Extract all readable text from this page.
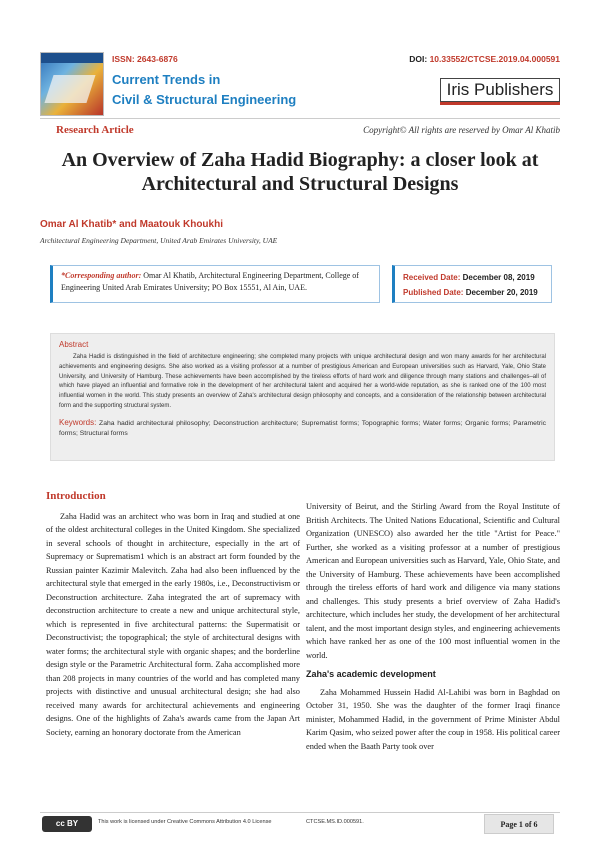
ISSN: 2643-6876
Current Trends in
Civil & Structural Engineering
DOI: 10.33552/CTCSE.2019.04.000591
Iris Publishers
Research Article	Copyright© All rights are reserved by Omar Al Khatib
An Overview of Zaha Hadid Biography: a closer look at Architectural and Structural Designs
Omar Al Khatib* and Maatouk Khoukhi
Architectural Engineering Department, United Arab Emirates University, UAE
*Corresponding author: Omar Al Khatib, Architectural Engineering Department, College of Engineering United Arab Emirates University; PO Box 15551, Al Ain, UAE.
Received Date: December 08, 2019
Published Date: December 20, 2019
Abstract
Zaha Hadid is distinguished in the field of architecture engineering; she completed many projects with unique architectural design and won many awards for her architectural achievements and engineering designs. She also worked as a visiting professor at a number of prestigious American and European universities such as Harvard, Yale, Ohio State University, and University of Hamburg. These achievements have been accomplished by the tireless efforts of hard work and diligence through many stations and challenges–all of which have played an influential and formative role in the development of her architectural talent and acquired her a world-wide reputation, as she is ranked one of the 100 most influential women in the world. This study presents an overview of Zaha's architectural design philosophy and concepts, and a consideration of the relationship between architectural form and the supporting structural system.
Keywords: Zaha hadid architectural philosophy; Deconstruction architecture; Suprematist forms; Topographic forms; Water forms; Organic forms; Parametric forms; Structural forms
Introduction

Zaha Hadid was an architect who was born in Iraq and studied at one of the oldest architectural colleges in the United Kingdom. She specialized in several schools of thought in architecture, especially in the art of Supremacy or Suprematism1 which is an abstract art form founded by the Russian painter Kazimir Malevitch. Zaha had also been influenced by the architectural style that emerged in the early 1980s, i.e., Deconstructivism or Deconstruction architecture. Zaha integrated the art of supremacy with deconstruction architecture to create a new and unique architectural style, which is represented in five architectural patterns: the Supermatisit or Deconstructivist; the topographical; the style of architectural designs with water forms; the architectural style with organic shapes; and the borderline design style or the Parametric Architectural form. Zaha accomplished more than 208 projects in many countries of the world and has completed many projects with distinctive and unusual architectural design; she had also received many awards for architectural achievements and engineering designs. One of the highlights of Zaha's awards came from the Japan Art Society, earning an honorary doctorate from the American

University of Beirut, and the Stirling Award from the Royal Institute of British Architects. The United Nations Educational, Scientific and Cultural Organization (UNESCO) also awarded her the title "Artist for Peace." Further, she worked as a visiting professor at a number of prestigious American and European universities such as Harvard, Yale, Ohio State, and the University of Hamburg. These achievements have been accomplished through the tireless efforts of hard work and diligence via many stations and challenges. This study presents a brief overview of Zaha Hadid's architecture, which includes her study, the development of her architectural talent, and the most important design styles, and engineering achievements which have ranked her as one of the 100 most influential women in the world.

Zaha's academic development

Zaha Mohammed Hussein Hadid Al-Lahibi was born in Baghdad on October 31, 1950. She was the daughter of the former Iraqi finance minister, Mohammed Hadid, in the government of Prime Minister Abdul Karim Qasim, who seized power after the coup in 1958. His political career ended when the Baath Party took over

cc BY	This work is licensed under Creative Commons Attribution 4.0 License	CTCSE.MS.ID.000591.	Page 1 of 6
